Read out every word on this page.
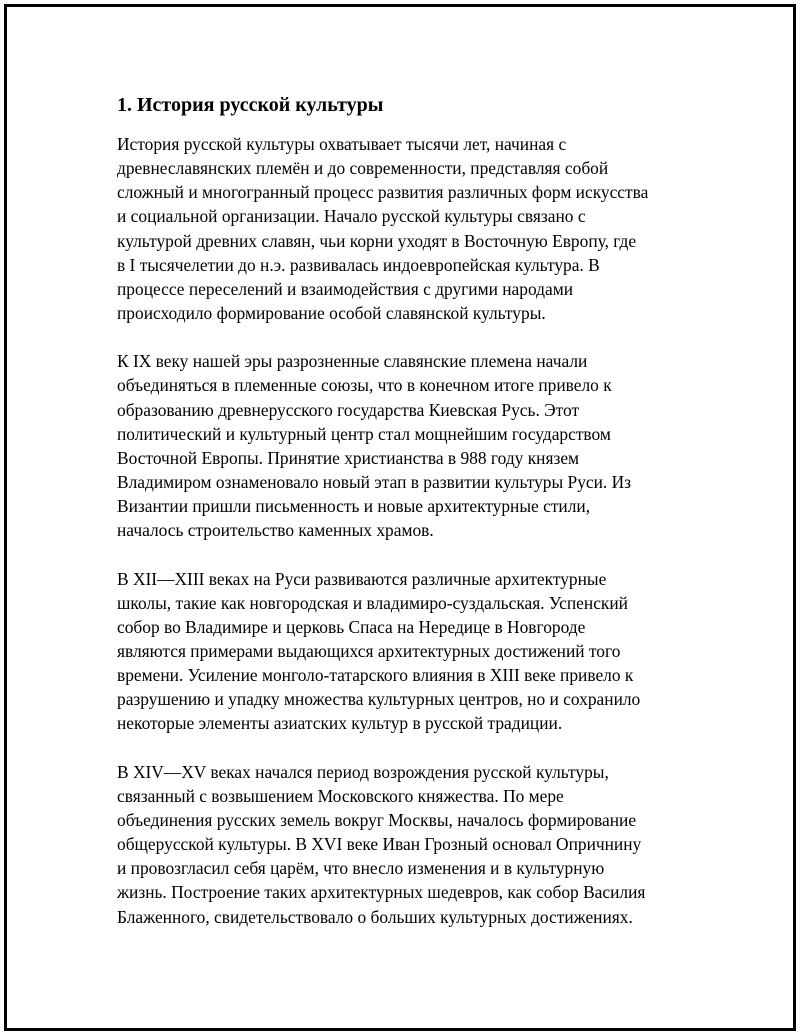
1. История русской культуры
История русской культуры охватывает тысячи лет, начиная с
древнеславянских племён и до современности, представляя собой
сложный и многогранный процесс развития различных форм искусства
и социальной организации. Начало русской культуры связано с
культурой древних славян, чьи корни уходят в Восточную Европу, где
в I тысячелетии до н.э. развивалась индоевропейская культура. В
процессе переселений и взаимодействия с другими народами
происходило формирование особой славянской культуры.
К IX веку нашей эры разрозненные славянские племена начали
объединяться в племенные союзы, что в конечном итоге привело к
образованию древнерусского государства Киевская Русь. Этот
политический и культурный центр стал мощнейшим государством
Восточной Европы. Принятие христианства в 988 году князем
Владимиром ознаменовало новый этап в развитии культуры Руси. Из
Византии пришли письменность и новые архитектурные стили,
началось строительство каменных храмов.
В XII—XIII веках на Руси развиваются различные архитектурные
школы, такие как новгородская и владимиро-суздальская. Успенский
собор во Владимире и церковь Спаса на Нередице в Новгороде
являются примерами выдающихся архитектурных достижений того
времени. Усиление монголо-татарского влияния в XIII веке привело к
разрушению и упадку множества культурных центров, но и сохранило
некоторые элементы азиатских культур в русской традиции.
В XIV—XV веках начался период возрождения русской культуры,
связанный с возвышением Московского княжества. По мере
объединения русских земель вокруг Москвы, началось формирование
общерусской культуры. В XVI веке Иван Грозный основал Опричнину
и провозгласил себя царём, что внесло изменения и в культурную
жизнь. Построение таких архитектурных шедевров, как собор Василия
Блаженного, свидетельствовало о больших культурных достижениях.
